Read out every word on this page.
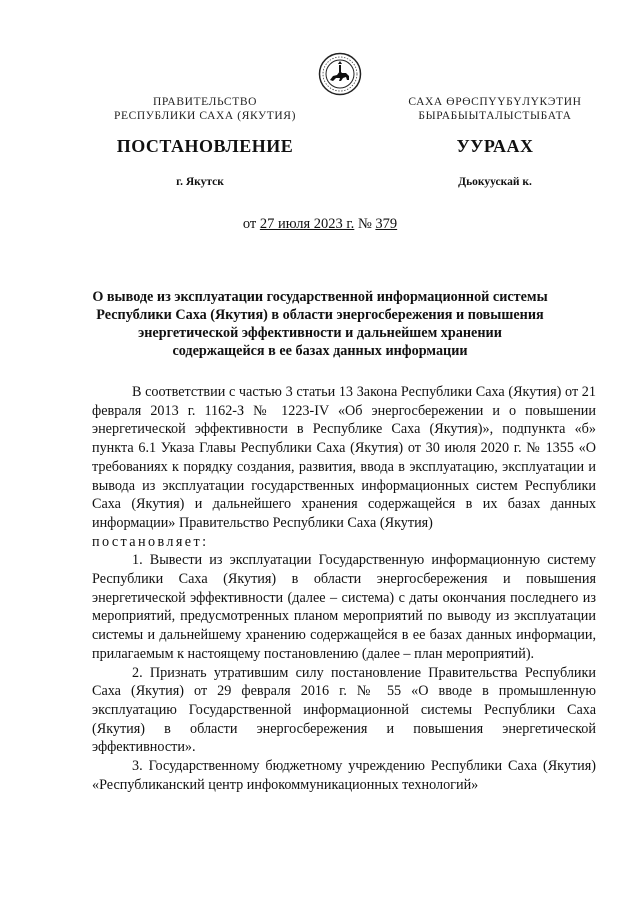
ПРАВИТЕЛЬСТВО
РЕСПУБЛИКИ САХА (ЯКУТИЯ)
САХА ӨРӨСПҮҮБҮЛҮКЭТИН
БЫРАБЫЫТАЛЫСТЫБАТА
ПОСТАНОВЛЕНИЕ	УУРААХ
г. Якутск	Дьокуускай к.
от 27 июля 2023 г. № 379
О выводе из эксплуатации государственной информационной системы
Республики Саха (Якутия) в области энергосбережения и повышения
энергетической эффективности и дальнейшем хранении
содержащейся в ее базах данных информации

В соответствии с частью 3 статьи 13 Закона Республики Саха (Якутия) от 21 февраля 2013 г. 1162-З № 1223-IV «Об энергосбережении и о повышении энергетической эффективности в Республике Саха (Якутия)», подпункта «б» пункта 6.1 Указа Главы Республики Саха (Якутия) от 30 июля 2020 г. № 1355 «О требованиях к порядку создания, развития, ввода в эксплуатацию, эксплуатации и вывода из эксплуатации государственных информационных систем Республики Саха (Якутия) и дальнейшего хранения содержащейся в их базах данных информации» Правительство Республики Саха (Якутия)

постановляет:

1. Вывести из эксплуатации Государственную информационную систему Республики Саха (Якутия) в области энергосбережения и повышения энергетической эффективности (далее – система) с даты окончания последнего из мероприятий, предусмотренных планом мероприятий по выводу из эксплуатации системы и дальнейшему хранению содержащейся в ее базах данных информации, прилагаемым к настоящему постановлению (далее – план мероприятий).

2. Признать утратившим силу постановление Правительства Республики Саха (Якутия) от 29 февраля 2016 г. № 55 «О вводе в промышленную эксплуатацию Государственной информационной системы Республики Саха (Якутия) в области энергосбережения и повышения энергетической эффективности».

3. Государственному бюджетному учреждению Республики Саха (Якутия) «Республиканский центр инфокоммуникационных технологий»
